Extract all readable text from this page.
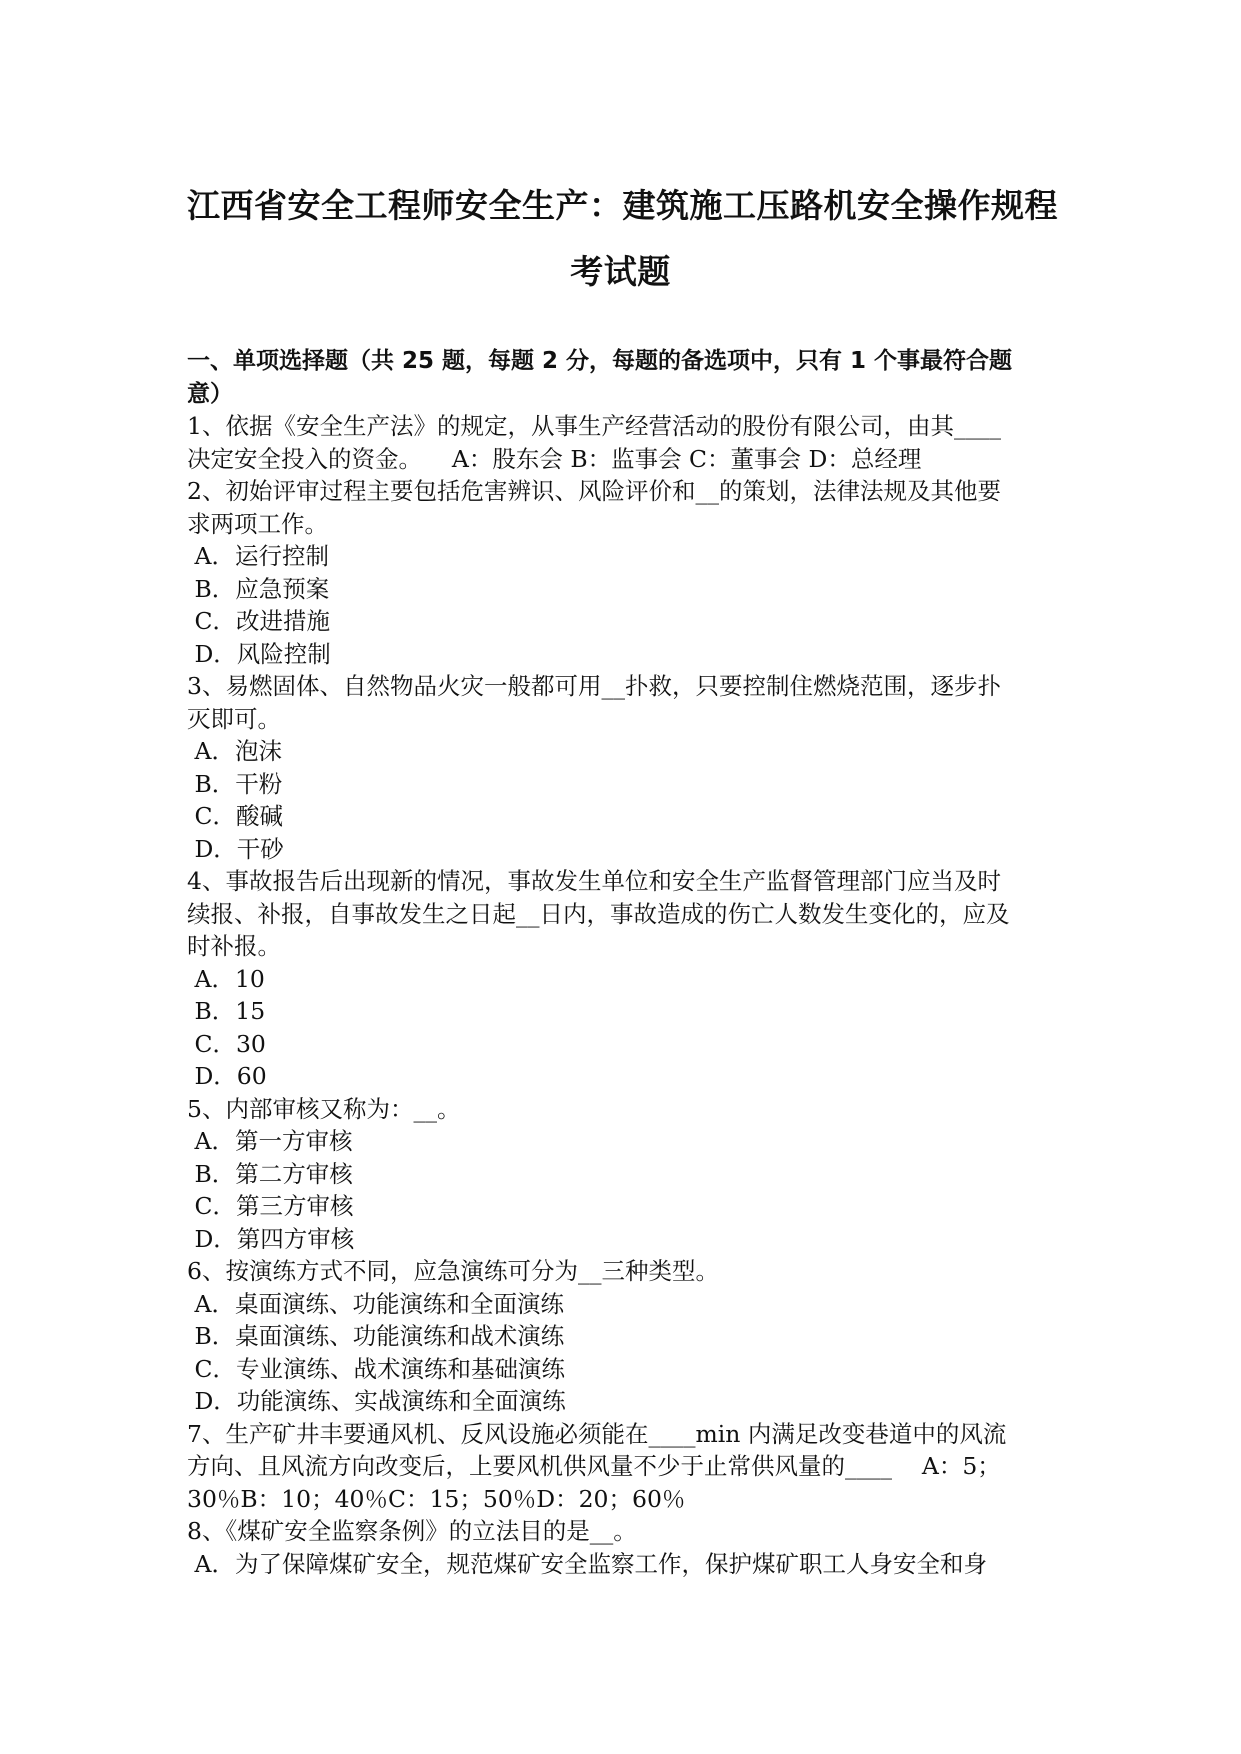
江西省安全工程师安全生产：建筑施工压路机安全操作规程
考试题
一、单项选择题（共 25 题，每题 2 分，每题的备选项中，只有 1 个事最符合题
意）
1、依据《安全生产法》的规定，从事生产经营活动的股份有限公司，由其____
决定安全投入的资金。    A：股东会 B：监事会 C：董事会 D：总经理
2、初始评审过程主要包括危害辨识、风险评价和__的策划，法律法规及其他要
求两项工作。
A．运行控制
B．应急预案
C．改进措施
D．风险控制
3、易燃固体、自然物品火灾一般都可用__扑救，只要控制住燃烧范围，逐步扑
灭即可。
A．泡沫
B．干粉
C．酸碱
D．干砂
4、事故报告后出现新的情况，事故发生单位和安全生产监督管理部门应当及时
续报、补报，自事故发生之日起__日内，事故造成的伤亡人数发生变化的，应及
时补报。
A．10
B．15
C．30
D．60
5、内部审核又称为：__。
A．第一方审核
B．第二方审核
C．第三方审核
D．第四方审核
6、按演练方式不同，应急演练可分为__三种类型。
A．桌面演练、功能演练和全面演练
B．桌面演练、功能演练和战术演练
C．专业演练、战术演练和基础演练
D．功能演练、实战演练和全面演练
7、生产矿井丰要通风机、反风设施必须能在____min 内满足改变巷道中的风流
方向、且风流方向改变后，上要风机供风量不少于止常供风量的____    A：5；
30％B：10；40％C：15；50％D：20；60％
8、《煤矿安全监察条例》的立法目的是__。
A．为了保障煤矿安全，规范煤矿安全监察工作，保护煤矿职工人身安全和身
